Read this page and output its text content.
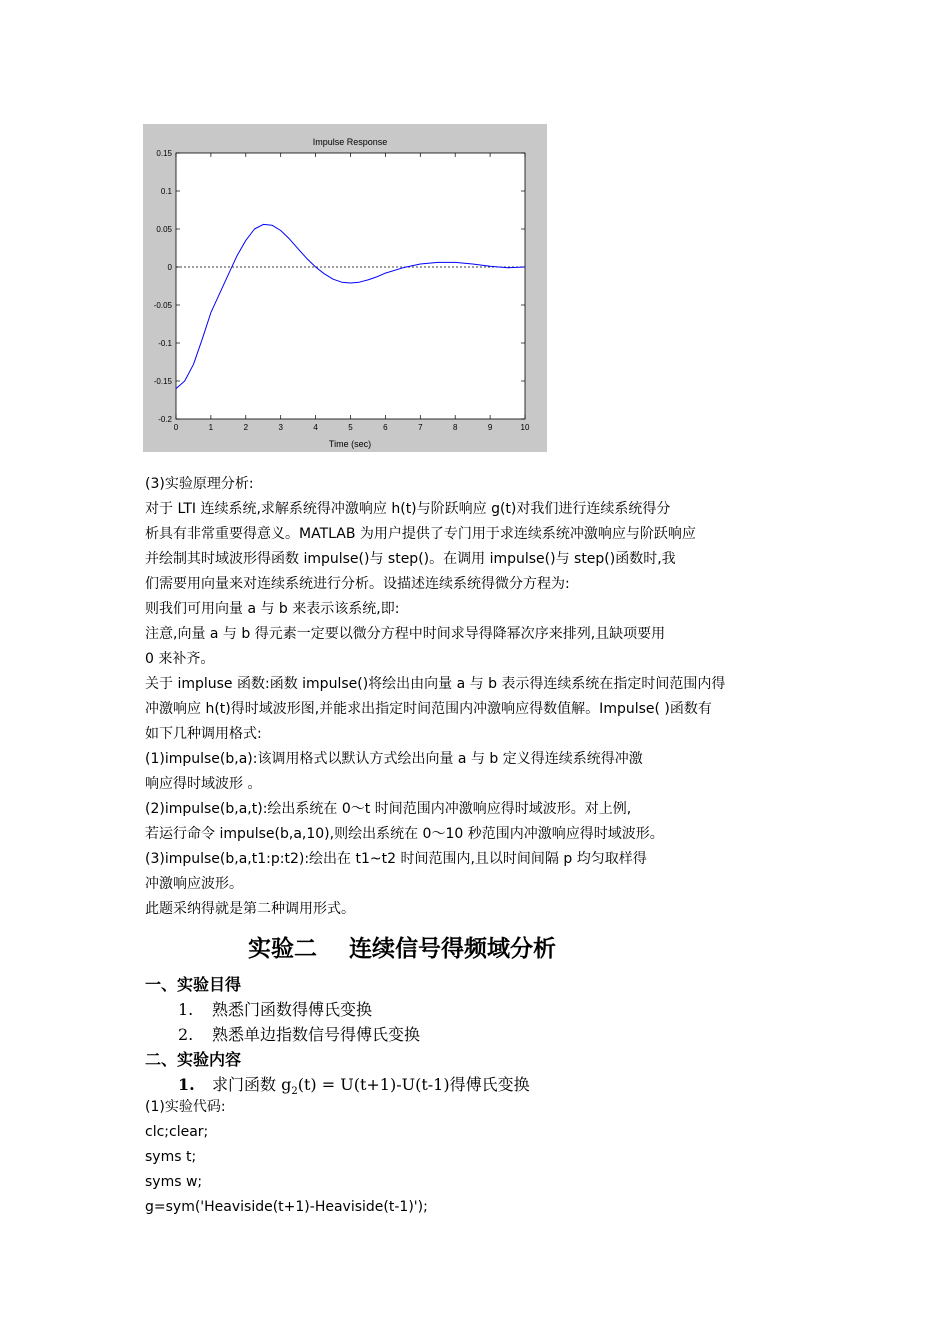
Impulse Response
Time (sec)
0	1	2	3	4	5	6	7	8	9	10
0.15
0.1
0.05
0
-0.05
-0.1
-0.15
-0.2
(3)实验原理分析:
对于 LTI 连续系统,求解系统得冲激响应 h(t)与阶跃响应 g(t)对我们进行连续系统得分
析具有非常重要得意义。MATLAB 为用户提供了专门用于求连续系统冲激响应与阶跃响应
并绘制其时域波形得函数 impulse()与 step()。在调用 impulse()与 step()函数时,我
们需要用向量来对连续系统进行分析。设描述连续系统得微分方程为:
则我们可用向量 a 与 b 来表示该系统,即:
注意,向量 a 与 b 得元素一定要以微分方程中时间求导得降幂次序来排列,且缺项要用
0 来补齐。
关于 impluse 函数:函数 impulse()将绘出由向量 a 与 b 表示得连续系统在指定时间范围内得
冲激响应 h(t)得时域波形图,并能求出指定时间范围内冲激响应得数值解。Impulse( )函数有
如下几种调用格式:
(1)impulse(b,a):该调用格式以默认方式绘出向量 a 与 b 定义得连续系统得冲激
响应得时域波形 。
(2)impulse(b,a,t):绘出系统在 0～t 时间范围内冲激响应得时域波形。对上例,
若运行命令 impulse(b,a,10),则绘出系统在 0～10 秒范围内冲激响应得时域波形。
(3)impulse(b,a,t1:p:t2):绘出在 t1~t2 时间范围内,且以时间间隔 p 均匀取样得
冲激响应波形。
此题采纳得就是第二种调用形式。
实验二    连续信号得频域分析
一、实验目得
1. 熟悉门函数得傅氏变换
2. 熟悉单边指数信号得傅氏变换
二、实验内容
1. 求门函数 $g_2(t) = U(t+1)-U(t-1)$得傅氏变换
(1)实验代码:
clc;clear;
syms t;
syms w;
g=sym('Heaviside(t+1)-Heaviside(t-1)');
